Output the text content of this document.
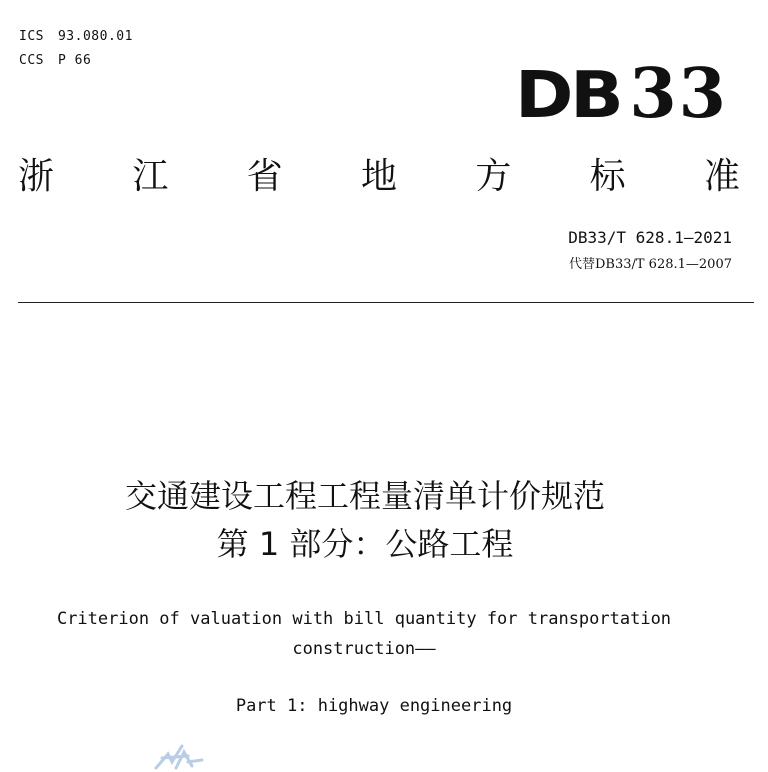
ICS 93.080.01
CCS P 66	DB 33
浙 江 省 地 方 标 准
DB33/T 628.1—2021
代替DB33/T 628.1—2007
交通建设工程工程量清单计价规范
第 1 部分：公路工程
Criterion of valuation with bill quantity for transportation
construction——
Part 1: highway engineering
